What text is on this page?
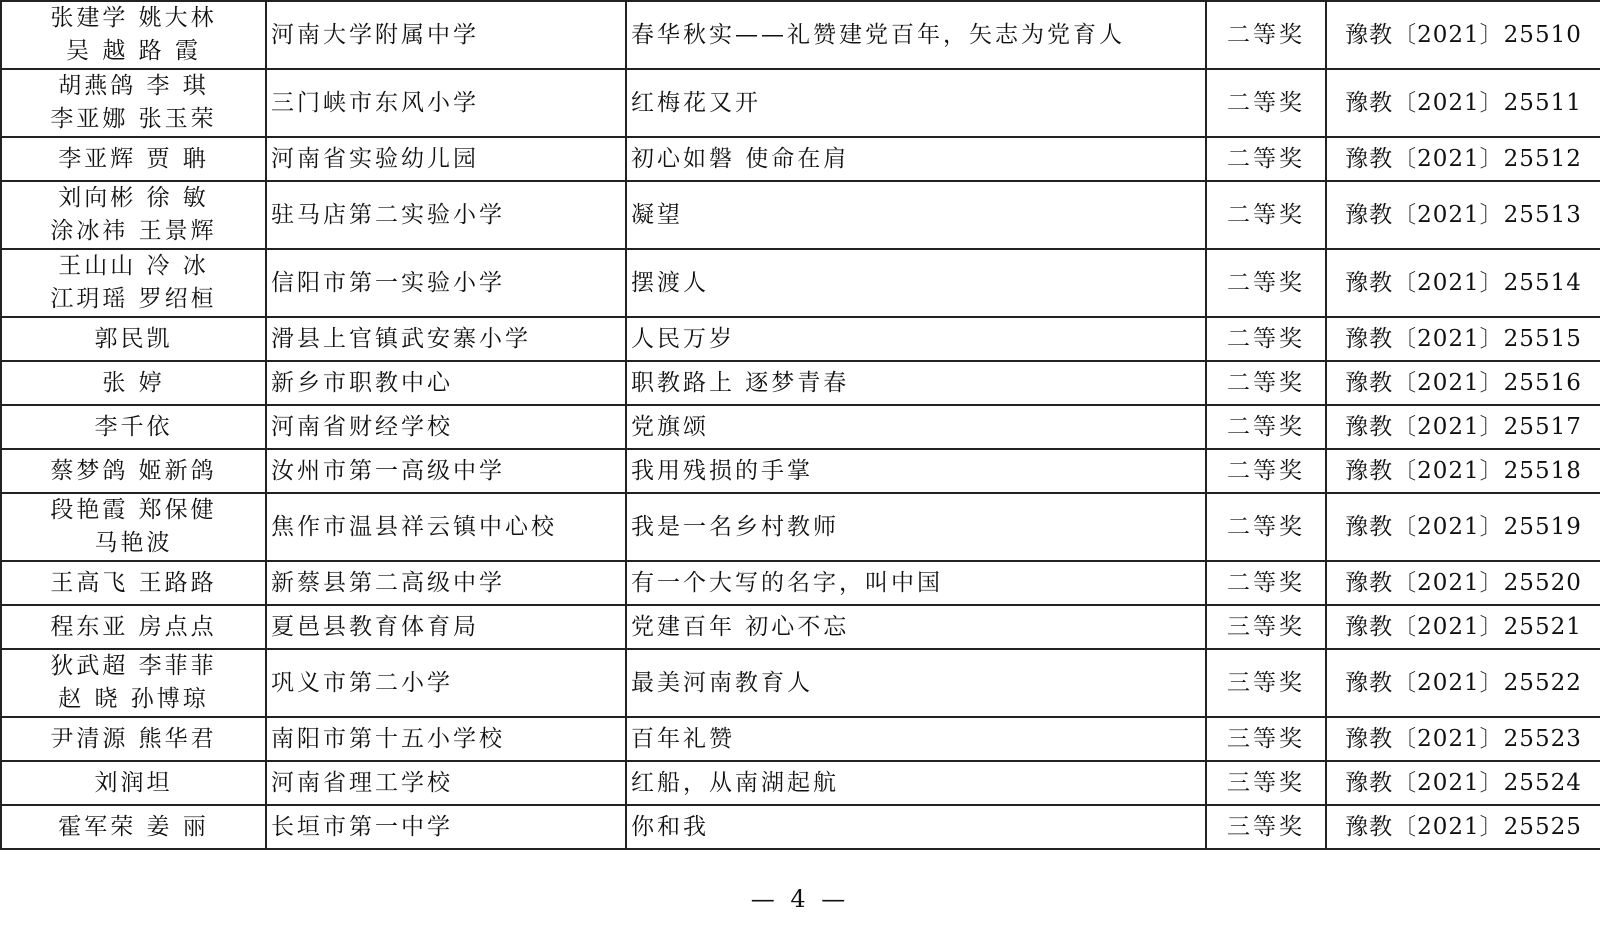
张建学 姚大林
吴 越 路 霞	河南大学附属中学	春华秋实——礼赞建党百年，矢志为党育人	二等奖	豫教〔2021〕25510

胡燕鸽 李 琪
李亚娜 张玉荣	三门峡市东风小学	红梅花又开	二等奖	豫教〔2021〕25511

李亚辉 贾 聃	河南省实验幼儿园	初心如磐 使命在肩	二等奖	豫教〔2021〕25512

刘向彬 徐 敏
涂冰祎 王景辉	驻马店第二实验小学	凝望	二等奖	豫教〔2021〕25513

王山山 冷 冰
江玥瑶 罗绍桓	信阳市第一实验小学	摆渡人	二等奖	豫教〔2021〕25514

郭民凯	滑县上官镇武安寨小学	人民万岁	二等奖	豫教〔2021〕25515

张 婷	新乡市职教中心	职教路上 逐梦青春	二等奖	豫教〔2021〕25516

李千依	河南省财经学校	党旗颂	二等奖	豫教〔2021〕25517

蔡梦鸽 姬新鸽	汝州市第一高级中学	我用残损的手掌	二等奖	豫教〔2021〕25518

段艳霞 郑保健
马艳波	焦作市温县祥云镇中心校	我是一名乡村教师	二等奖	豫教〔2021〕25519

王高飞 王路路	新蔡县第二高级中学	有一个大写的名字，叫中国	二等奖	豫教〔2021〕25520

程东亚 房点点	夏邑县教育体育局	党建百年 初心不忘	三等奖	豫教〔2021〕25521

狄武超 李菲菲
赵 晓 孙博琼	巩义市第二小学	最美河南教育人	三等奖	豫教〔2021〕25522

尹清源 熊华君	南阳市第十五小学校	百年礼赞	三等奖	豫教〔2021〕25523

刘润坦	河南省理工学校	红船，从南湖起航	三等奖	豫教〔2021〕25524

霍军荣 姜 丽	长垣市第一中学	你和我	三等奖	豫教〔2021〕25525
— 4 —
